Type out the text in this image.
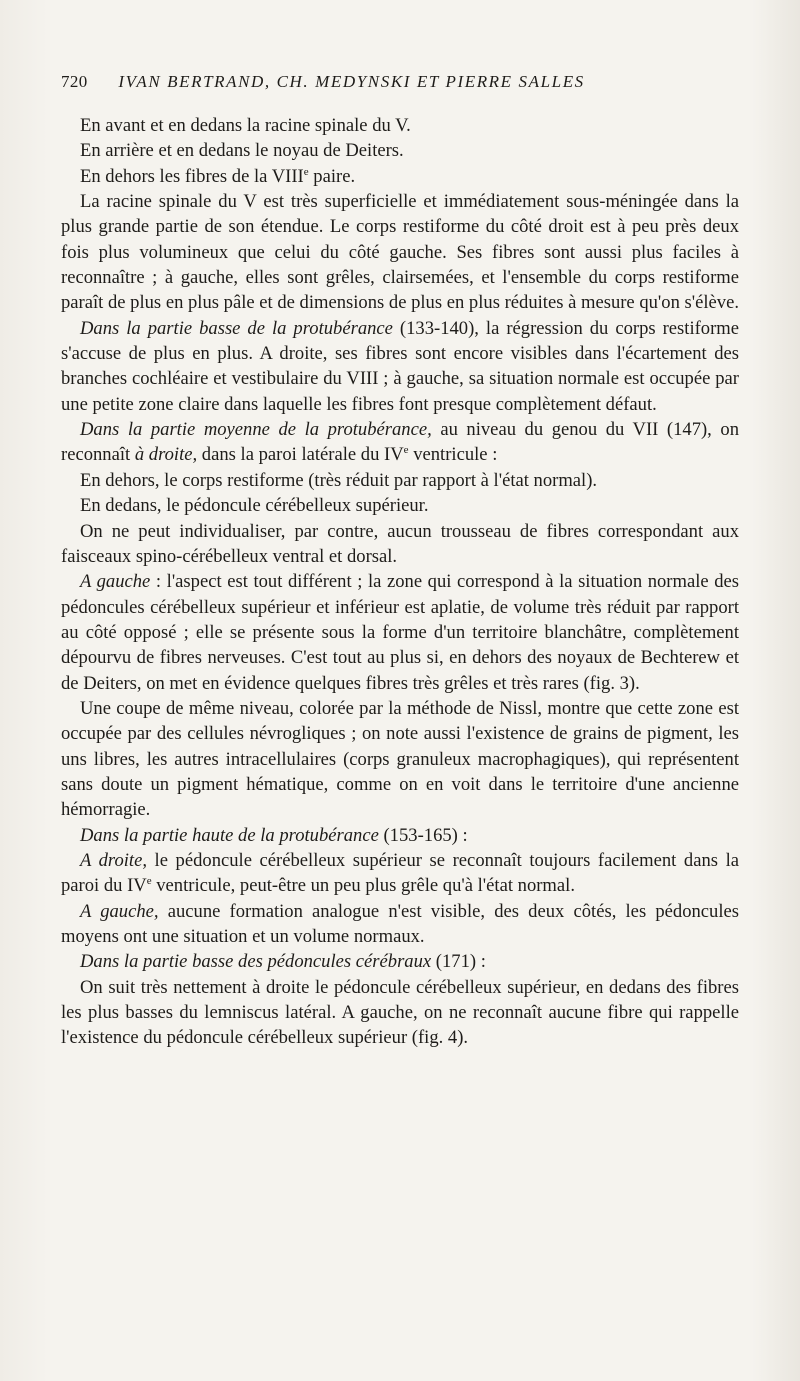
720 IVAN BERTRAND, CH. MEDYNSKI ET PIERRE SALLES

En avant et en dedans la racine spinale du V.

En arrière et en dedans le noyau de Deiters.

En dehors les fibres de la VIIIe paire.

La racine spinale du V est très superficielle et immédiatement sous-méningée dans la plus grande partie de son étendue. Le corps restiforme du côté droit est à peu près deux fois plus volumineux que celui du côté gauche. Ses fibres sont aussi plus faciles à reconnaître ; à gauche, elles sont grêles, clairsemées, et l'ensemble du corps restiforme paraît de plus en plus pâle et de dimensions de plus en plus réduites à mesure qu'on s'élève.

Dans la partie basse de la protubérance (133-140), la régression du corps restiforme s'accuse de plus en plus. A droite, ses fibres sont encore visibles dans l'écartement des branches cochléaire et vestibulaire du VIII ; à gauche, sa situation normale est occupée par une petite zone claire dans laquelle les fibres font presque complètement défaut.

Dans la partie moyenne de la protubérance, au niveau du genou du VII (147), on reconnaît à droite, dans la paroi latérale du IVe ventricule :

En dehors, le corps restiforme (très réduit par rapport à l'état normal).

En dedans, le pédoncule cérébelleux supérieur.

On ne peut individualiser, par contre, aucun trousseau de fibres correspondant aux faisceaux spino-cérébelleux ventral et dorsal.

A gauche : l'aspect est tout différent ; la zone qui correspond à la situation normale des pédoncules cérébelleux supérieur et inférieur est aplatie, de volume très réduit par rapport au côté opposé ; elle se présente sous la forme d'un territoire blanchâtre, complètement dépourvu de fibres nerveuses. C'est tout au plus si, en dehors des noyaux de Bechterew et de Deiters, on met en évidence quelques fibres très grêles et très rares (fig. 3).

Une coupe de même niveau, colorée par la méthode de Nissl, montre que cette zone est occupée par des cellules névrogliques ; on note aussi l'existence de grains de pigment, les uns libres, les autres intracellulaires (corps granuleux macrophagiques), qui représentent sans doute un pigment hématique, comme on en voit dans le territoire d'une ancienne hémorragie.

Dans la partie haute de la protubérance (153-165) :

A droite, le pédoncule cérébelleux supérieur se reconnaît toujours facilement dans la paroi du IVe ventricule, peut-être un peu plus grêle qu'à l'état normal.

A gauche, aucune formation analogue n'est visible, des deux côtés, les pédoncules moyens ont une situation et un volume normaux.

Dans la partie basse des pédoncules cérébraux (171) :

On suit très nettement à droite le pédoncule cérébelleux supérieur, en dedans des fibres les plus basses du lemniscus latéral. A gauche, on ne reconnaît aucune fibre qui rappelle l'existence du pédoncule cérébelleux supérieur (fig. 4).
